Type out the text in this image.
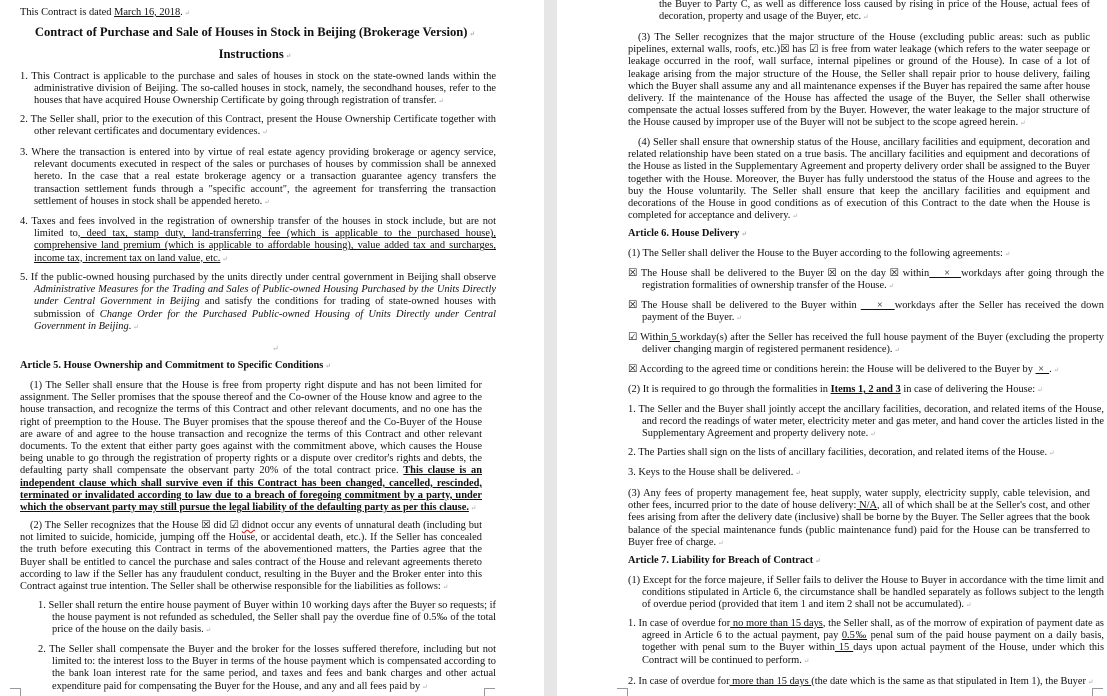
This Contract is dated March 16, 2018. ↵

Contract of Purchase and Sale of Houses in Stock in Beijing (Brokerage Version) ↵

Instructions ↵

1. This Contract is applicable to the purchase and sales of houses in stock on the state-owned lands within the administrative division of Beijing. The so-called houses in stock, namely, the secondhand houses, refer to the houses that have acquired House Ownership Certificate by going through registration of transfer. ↵

2. The Seller shall, prior to the execution of this Contract, present the House Ownership Certificate together with other relevant certificates and documentary evidences. ↵

3. Where the transaction is entered into by virtue of real estate agency providing brokerage or agency service, relevant documents executed in respect of the sales or purchases of houses by commission shall be annexed hereto. In the case that a real estate brokerage agency or a transaction guarantee agency transfers the transaction settlement funds through a "specific account", the agreement for transferring the transaction settlement of houses in stock shall be appended hereto. ↵

4. Taxes and fees involved in the registration of ownership transfer of the houses in stock include, but are not limited to, deed tax, stamp duty, land-transferring fee (which is applicable to the purchased house), comprehensive land premium (which is applicable to affordable housing), value added tax and surcharges, income tax, increment tax on land value, etc. ↵

5. If the public-owned housing purchased by the units directly under central government in Beijing shall observe Administrative Measures for the Trading and Sales of Public-owned Housing Purchased by the Units Directly under Central Government in Beijing and satisfy the conditions for trading of state-owned houses with submission of Change Order for the Purchased Public-owned Housing of Units Directly under Central Government in Beijing. ↵

Article 5. House Ownership and Commitment to Specific Conditions ↵

(1) The Seller shall ensure that the House is free from property right dispute and has not been limited for assignment. The Seller promises that the spouse thereof and the Co-owner of the House know and agree to the house transaction, and recognize the terms of this Contract and other relevant documents, and no one has the right of preemption to the House. The Buyer promises that the spouse thereof and the Co-Buyer of the House are aware of and agree to the house transaction and recognize the terms of this Contract and other relevant documents. To the extent that either party goes against with the commitment above, which causes the House being unable to go through the registration of property rights or a dispute over creditor's rights and debts, the defaulting party shall compensate the observant party 20% of the total contract price. This clause is an independent clause which shall survive even if this Contract has been changed, cancelled, rescinded, terminated or invalidated according to law due to a breach of foregoing commitment by a party, under which the observant party may still pursue the legal liability of the defaulting party as per this clause. ↵

(2) The Seller recognizes that the House ☒ did ☑ didnot occur any events of unnatural death (including but not limited to suicide, homicide, jumping off the House, or accidental death, etc.). If the Seller has concealed the truth before executing this Contract in terms of the abovementioned matters, the Parties agree that the Buyer shall be entitled to cancel the purchase and sales contract of the House and relevant agreements thereto according to law if the Seller has any fraudulent conduct, resulting in the Buyer and the Broker enter into this Contract against true intention. The Seller shall be otherwise responsible for the liabilities as follows: ↵

1. Seller shall return the entire house payment of Buyer within 10 working days after the Buyer so requests; if the house payment is not refunded as scheduled, the Seller shall pay the overdue fine of 0.5‰ of the total price of the house on the daily basis. ↵

2. The Seller shall compensate the Buyer and the broker for the losses suffered therefore, including but not limited to: the interest loss to the Buyer in terms of the house payment which is compensated according to the bank loan interest rate for the same period, and taxes and fees and bank charges and other actual expenditure paid for compensating the Buyer for the House, and any and all fees paid by ↵

↵

the Buyer to Party C, as well as difference loss caused by rising in price of the House, actual fees of decoration, property and usage of the Buyer, etc. ↵

(3) The Seller recognizes that the major structure of the House (excluding public areas: such as public pipelines, external walls, roofs, etc.)☒ has ☑ is free from water leakage (which refers to the water seepage or leakage occurred in the roof, wall surface, internal pipelines or ground of the House). In case of a lot of leakage arising from the major structure of the House, the Seller shall repair prior to house delivery, failing which the Buyer shall assume any and all maintenance expenses if the Buyer has repaired the same after house delivery. If the maintenance of the House has affected the usage of the Buyer, the Seller shall otherwise compensate the actual losses suffered from by the Buyer. However, the water leakage to the major structure of the House caused by improper use of the Buyer will not be subject to the scope agreed herein. ↵

(4) Seller shall ensure that ownership status of the House, ancillary facilities and equipment, decoration and related relationship have been stated on a true basis. The ancillary facilities and equipment and decorations of the House as listed in the Supplementary Agreement and property delivery order shall be assigned to the Buyer together with the House. Moreover, the Buyer has fully understood the status of the House and agrees to the buy the House voluntarily. The Seller shall ensure that keep the ancillary facilities and equipment and decorations of the House in good conditions as of execution of this Contract to the date when the House is completed for acceptance and delivery. ↵

Article 6. House Delivery ↵

(1) The Seller shall deliver the House to the Buyer according to the following agreements: ↵

☒ The House shall be delivered to the Buyer ☒ on the day ☒ within    ×   workdays after going through the registration formalities of ownership transfer of the House. ↵

☒ The House shall be delivered to the Buyer within     ×   workdays after the Seller has received the down payment of the Buyer. ↵

☑ Within 5 workday(s) after the Seller has received the full house payment of the Buyer (excluding the property deliver changing margin of registered permanent residence). ↵

☒ According to the agreed time or conditions herein: the House will be delivered to the Buyer by  ×  . ↵

(2) It is required to go through the formalities in Items 1, 2 and 3 in case of delivering the House: ↵

1. The Seller and the Buyer shall jointly accept the ancillary facilities, decoration, and related items of the House, and record the readings of water meter, electricity meter and gas meter, and hand cover the articles listed in the Supplementary Agreement and property delivery note. ↵

2. The Parties shall sign on the lists of ancillary facilities, decoration, and related items of the House. ↵

3. Keys to the House shall be delivered. ↵

(3) Any fees of property management fee, heat supply, water supply, electricity supply, cable television, and other fees, incurred prior to the date of house delivery: N/A, all of which shall be at the Seller's cost, and other fees arising from after the delivery date (inclusive) shall be borne by the Buyer. The Seller agrees that the book balance of the special maintenance funds (public maintenance fund) paid for the House can be transferred to Buyer free of charge. ↵

Article 7. Liability for Breach of Contract ↵

(1) Except for the force majeure, if Seller fails to deliver the House to Buyer in accordance with the time limit and conditions stipulated in Article 6, the circumstance shall be handled separately as follows subject to the length of overdue period (provided that item 1 and item 2 shall not be accumulated). ↵

1. In case of overdue for no more than 15 days, the Seller shall, as of the morrow of expiration of payment date as agreed in Article 6 to the actual payment, pay 0.5‰ penal sum of the paid house payment on a daily basis, together with penal sum to the Buyer within 15 days upon actual payment of the House, under which this Contract will be continued to perform. ↵

2. In case of overdue for more than 15 days (the date which is the same as that stipulated in Item 1), the Buyer ↵
